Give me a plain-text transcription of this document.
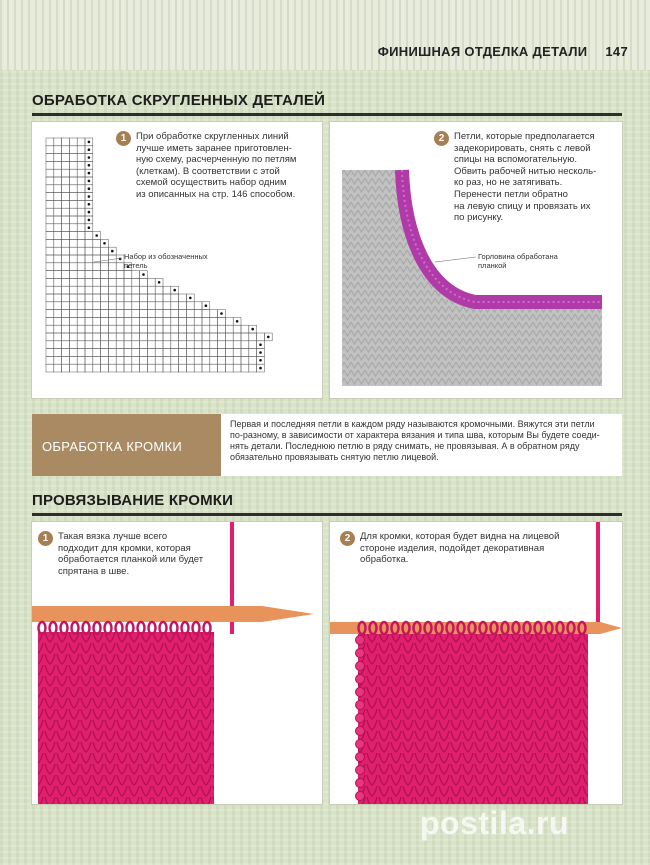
ФИНИШНАЯ ОТДЕЛКА ДЕТАЛИ 147
ОБРАБОТКА СКРУГЛЕННЫХ ДЕТАЛЕЙ
1	При обработке скругленных линий
лучше иметь заранее приготовлен-
ную схему, расчерченную по петлям
(клеткам). В соответствии с этой
схемой осуществить набор одним
из описанных на стр. 146 способом.
Набор из обозначенных
петель
2	Петли, которые предполагается
задекорировать, снять с левой
спицы на вспомогательную.
Обвить рабочей нитью несколь-
ко раз, но не затягивать.
Перенести петли обратно
на левую спицу и провязать их
по рисунку.
Горловина обработана
планкой
ОБРАБОТКА КРОМКИ
Первая и последняя петли в каждом ряду называются кромочными. Вяжутся эти петли
по-разному, в зависимости от характера вязания и типа шва, которым Вы будете соеди-
нять детали. Последнюю петлю в ряду снимать, не провязывая. А в обратном ряду
обязательно провязывать снятую петлю лицевой.
ПРОВЯЗЫВАНИЕ КРОМКИ
1	Такая вязка лучше всего
подходит для кромки, которая
обработается планкой или будет
спрятана в шве.
2	Для кромки, которая будет видна на лицевой
стороне изделия, подойдет декоративная
обработка.
postila.ru
